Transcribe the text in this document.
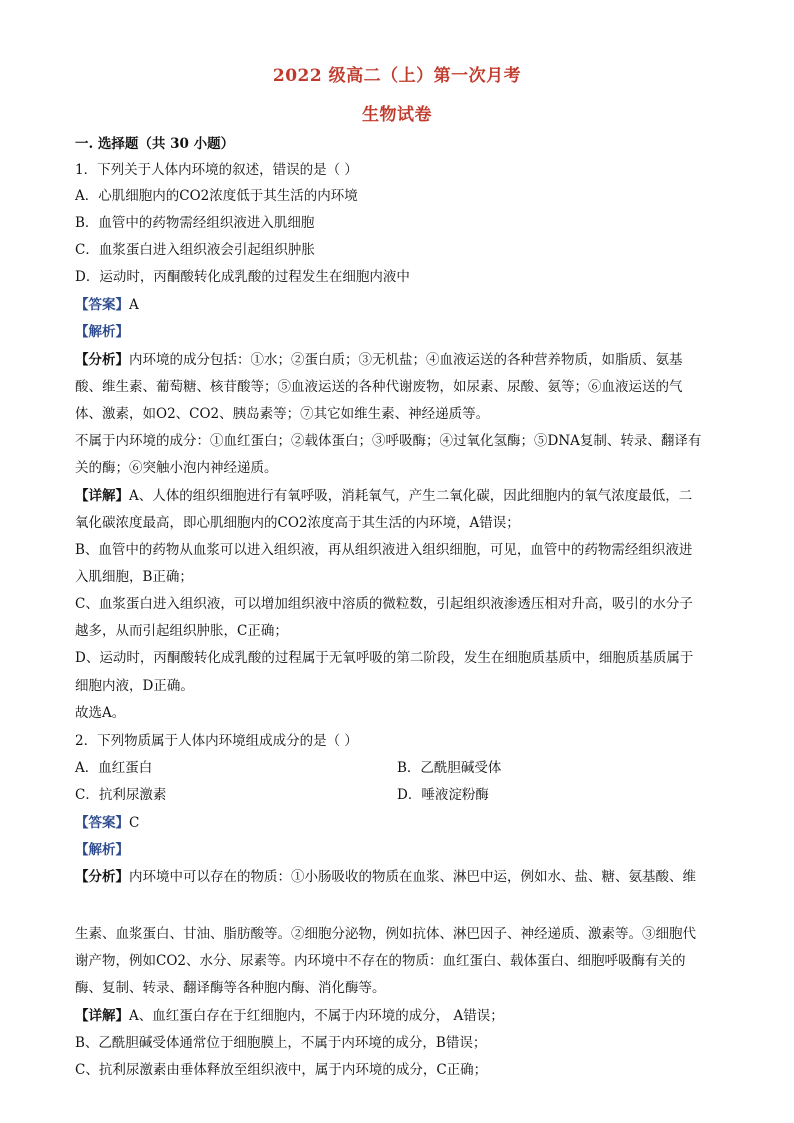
2022 级高二（上）第一次月考
生物试卷
一. 选择题（共 30 小题）
1．下列关于人体内环境的叙述，错误的是（ ）
A．心肌细胞内的CO2浓度低于其生活的内环境
B．血管中的药物需经组织液进入肌细胞
C．血浆蛋白进入组织液会引起组织肿胀
D．运动时，丙酮酸转化成乳酸的过程发生在细胞内液中
【答案】A
【解析】
【分析】内环境的成分包括：①水；②蛋白质；③无机盐；④血液运送的各种营养物质，如脂质、氨基
酸、维生素、葡萄糖、核苷酸等；⑤血液运送的各种代谢废物，如尿素、尿酸、氨等；⑥血液运送的气
体、激素，如O2、CO2、胰岛素等；⑦其它如维生素、神经递质等。
不属于内环境的成分：①血红蛋白；②载体蛋白；③呼吸酶；④过氧化氢酶；⑤DNA复制、转录、翻译有
关的酶；⑥突触小泡内神经递质。
【详解】A、人体的组织细胞进行有氧呼吸，消耗氧气，产生二氧化碳，因此细胞内的氧气浓度最低，二
氧化碳浓度最高，即心肌细胞内的CO2浓度高于其生活的内环境，A错误；
B、血管中的药物从血浆可以进入组织液，再从组织液进入组织细胞，可见，血管中的药物需经组织液进
入肌细胞，B正确；
C、血浆蛋白进入组织液，可以增加组织液中溶质的微粒数，引起组织液渗透压相对升高，吸引的水分子
越多，从而引起组织肿胀，C正确；
D、运动时，丙酮酸转化成乳酸的过程属于无氧呼吸的第二阶段，发生在细胞质基质中，细胞质基质属于
细胞内液，D正确。
故选A。
2．下列物质属于人体内环境组成成分的是（ ）
A．血红蛋白	B．乙酰胆碱受体
C．抗利尿激素	D．唾液淀粉酶
【答案】C
【解析】
【分析】内环境中可以存在的物质：①小肠吸收的物质在血浆、淋巴中运，例如水、盐、糖、氨基酸、维
生素、血浆蛋白、甘油、脂肪酸等。②细胞分泌物，例如抗体、淋巴因子、神经递质、激素等。③细胞代
谢产物，例如CO2、水分、尿素等。内环境中不存在的物质：血红蛋白、载体蛋白、细胞呼吸酶有关的
酶、复制、转录、翻译酶等各种胞内酶、消化酶等。
【详解】A、血红蛋白存在于红细胞内，不属于内环境的成分， A错误；
B、乙酰胆碱受体通常位于细胞膜上，不属于内环境的成分，B错误；
C、抗利尿激素由垂体释放至组织液中，属于内环境的成分，C正确；
